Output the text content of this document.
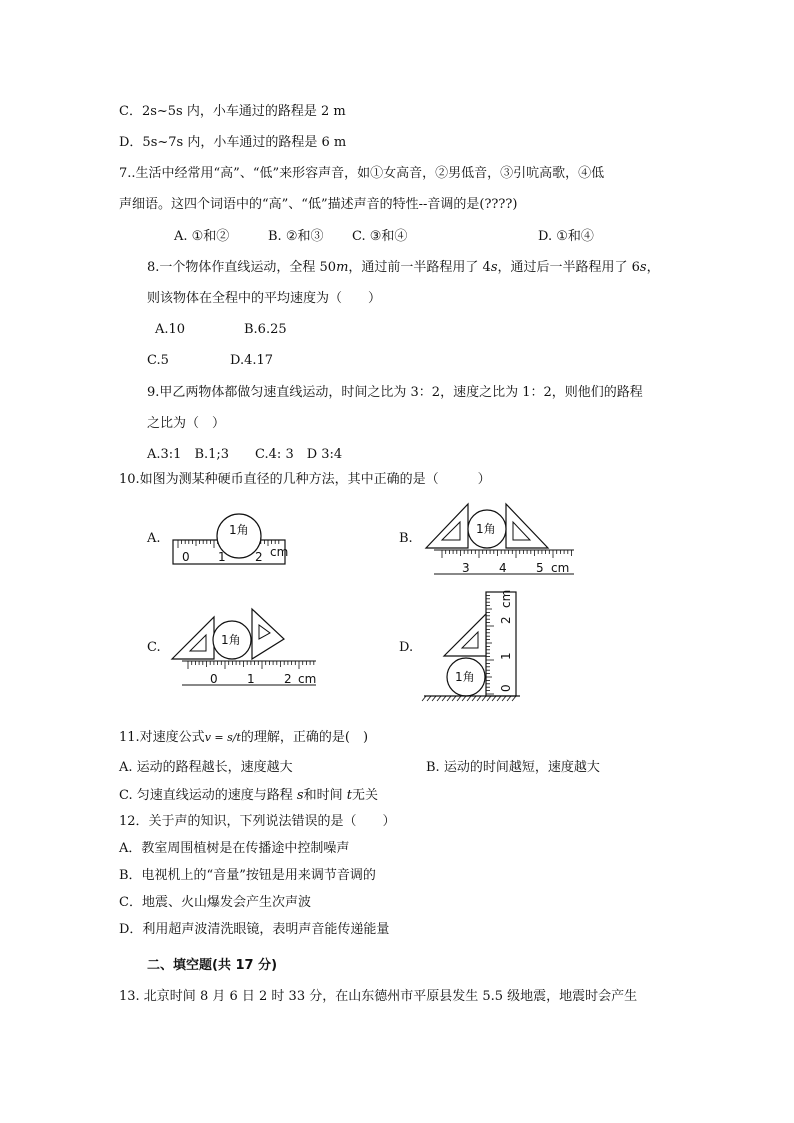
C．2s~5s 内，小车通过的路程是 2 m
D．5s~7s 内，小车通过的路程是 6 m
7..生活中经常用“高”、“低”来形容声音，如①女高音，②男低音，③引吭高歌，④低
声细语。这四个词语中的“高”、“低”描述声音的特性--音调的是(????)
A. ①和②	B. ②和③ C. ③和④	D. ①和④
8.一个物体作直线运动，全程 50m，通过前一半路程用了 4s，通过后一半路程用了 6s，
则该物体在全程中的平均速度为（　　）
A.10	B.6.25
C.5	D.4.17
9.甲乙两物体都做匀速直线运动，时间之比为 3：2，速度之比为 1：2，则他们的路程
之比为（　）
A.3:1　B.1;3　　C.4: 3　D 3:4
10.如图为测某种硬币直径的几种方法，其中正确的是（　　　）
A.
1角
0 1 2 cm
B.
1角
3 4 5 cm
C.	1角
0 1 2 cm
D.
1角
0
1
2
cm
11.对速度公式v = s/t的理解，正确的是(　)
A. 运动的路程越长，速度越大	B. 运动的时间越短，速度越大
C. 匀速直线运动的速度与路程 s和时间 t无关
12．关于声的知识，下列说法错误的是（　　）
A．教室周围植树是在传播途中控制噪声
B．电视机上的“音量”按钮是用来调节音调的
C．地震、火山爆发会产生次声波
D．利用超声波清洗眼镜，表明声音能传递能量
二、填空题(共 17 分)
13. 北京时间 8 月 6 日 2 时 33 分，在山东德州市平原县发生 5.5 级地震，地震时会产生
